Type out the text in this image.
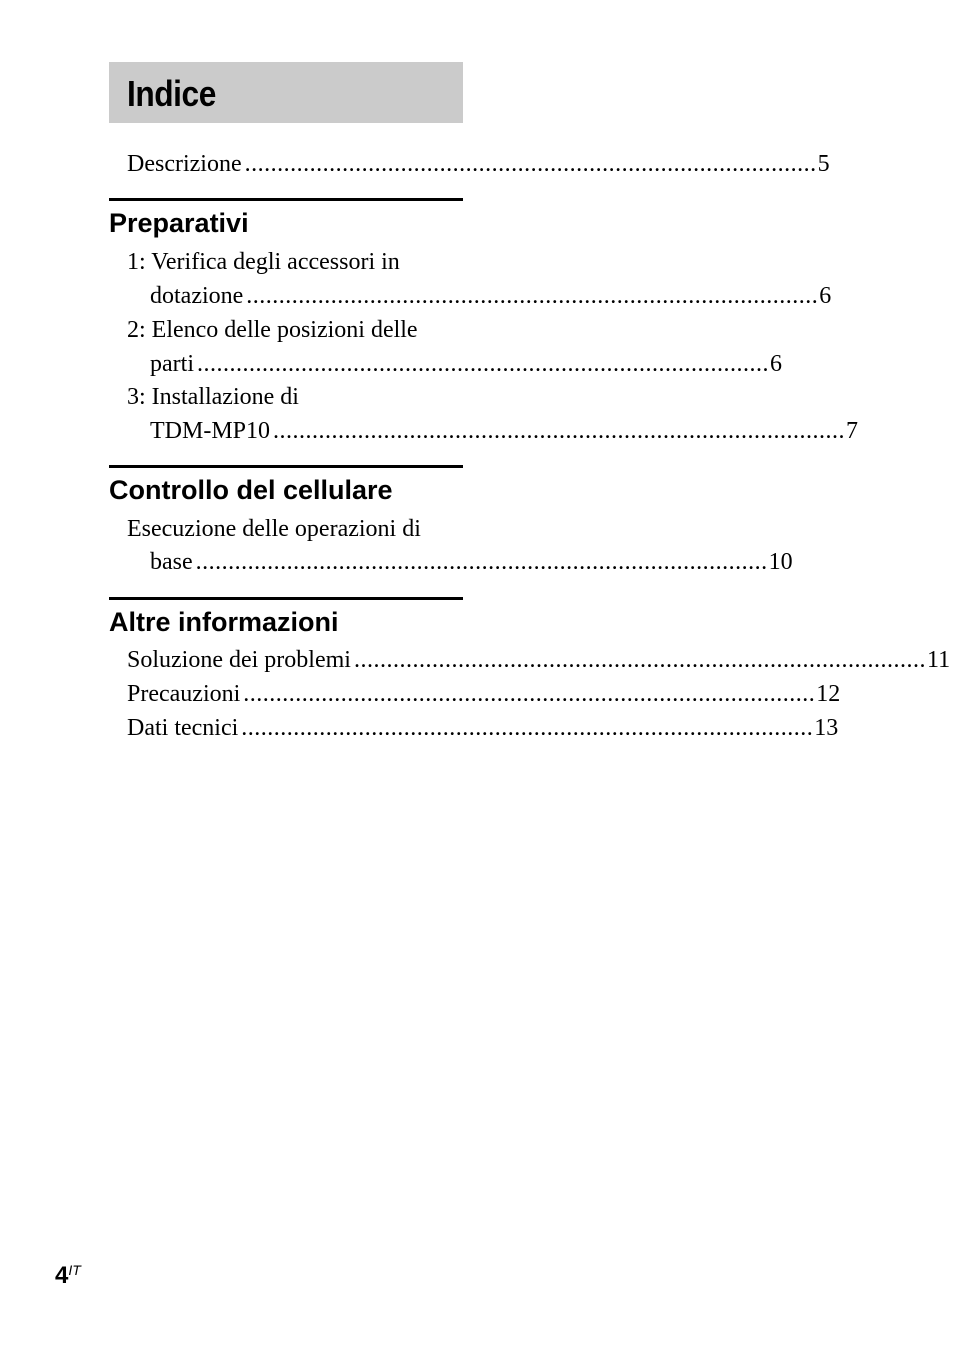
Indice
Descrizione ........................................................................................ 5
Preparativi
1: Verifica degli accessori in
dotazione ........................................................................................ 6
2: Elenco delle posizioni delle
parti ........................................................................................ 6
3: Installazione di
TDM-MP10 ........................................................................................ 7
Controllo del cellulare
Esecuzione delle operazioni di
base ........................................................................................ 10
Altre informazioni
Soluzione dei problemi ........................................................................................ 11
Precauzioni ........................................................................................ 12
Dati tecnici ........................................................................................ 13
4IT
